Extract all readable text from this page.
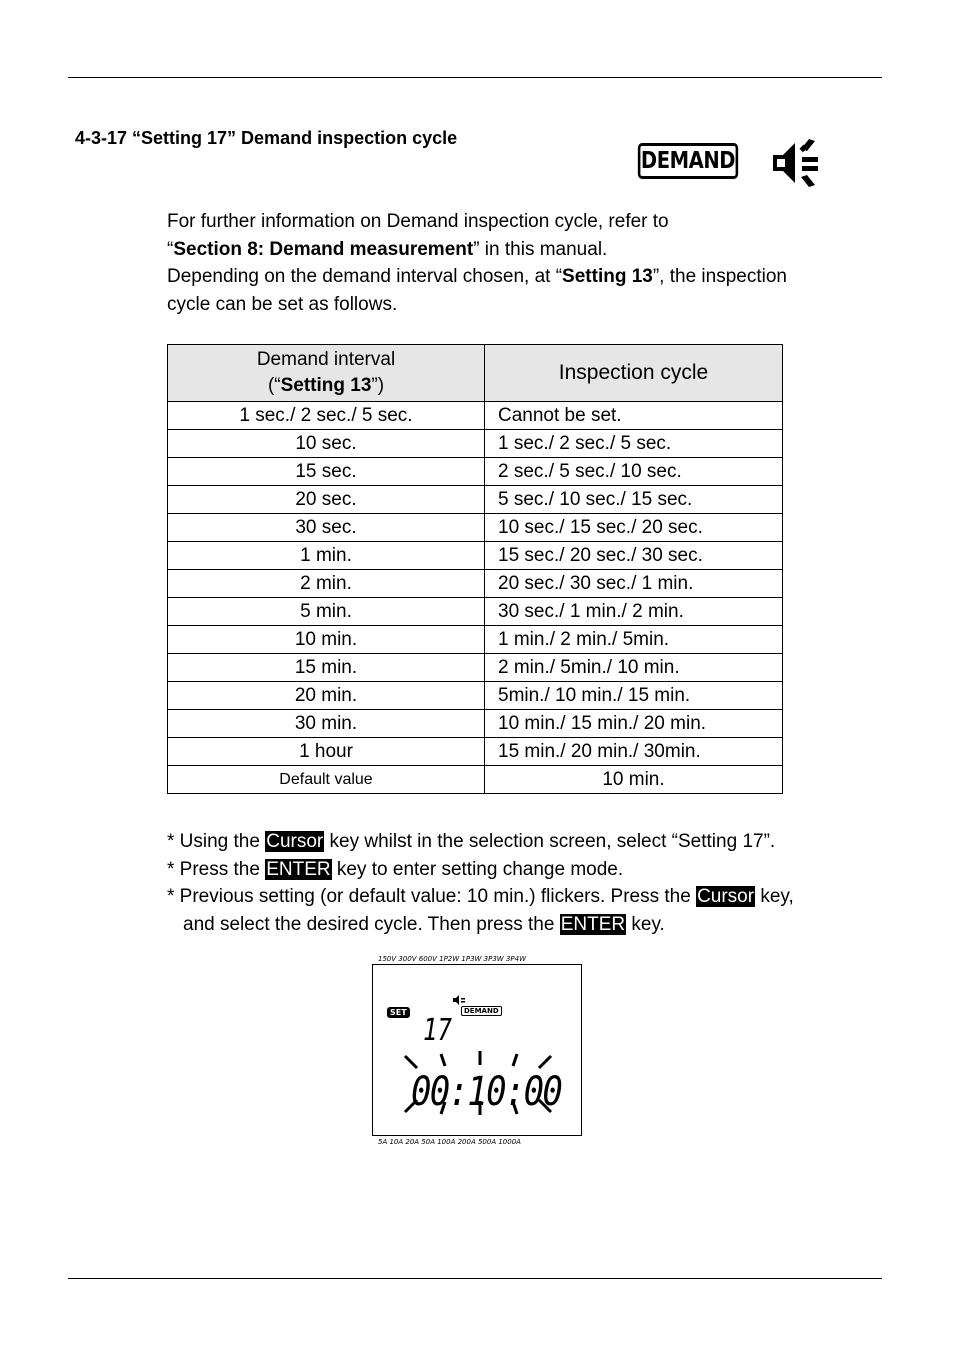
4-3-17 “Setting 17” Demand inspection cycle
DEMAND

For further information on Demand inspection cycle, refer to

“Section 8: Demand measurement” in this manual.

Depending on the demand interval chosen, at “Setting 13”, the inspection

cycle can be set as follows.

Demand interval
(“Setting 13”)	Inspection cycle
1 sec./ 2 sec./ 5 sec.	Cannot be set.
10 sec.	1 sec./ 2 sec./ 5 sec.
15 sec.	2 sec./ 5 sec./ 10 sec.
20 sec.	5 sec./ 10 sec./ 15 sec.
30 sec.	10 sec./ 15 sec./ 20 sec.
1 min.	15 sec./ 20 sec./ 30 sec.
2 min.	20 sec./ 30 sec./ 1 min.
5 min.	30 sec./ 1 min./ 2 min.
10 min.	1 min./ 2 min./ 5min.
15 min.	2 min./ 5min./ 10 min.
20 min.	5min./ 10 min./ 15 min.
30 min.	10 min./ 15 min./ 20 min.
1 hour	15 min./ 20 min./ 30min.
Default value	10 min.

* Using the Cursor key whilst in the selection screen, select “Setting 17”.

* Press the ENTER key to enter setting change mode.

* Previous setting (or default value: 10 min.) flickers. Press the Cursor key,

and select the desired cycle. Then press the ENTER key.

150V 300V 600V 1P2W 1P3W 3P3W 3P4W
SET	DEMAND
17
00:10:00
5A 10A 20A 50A 100A 200A 500A 1000A
